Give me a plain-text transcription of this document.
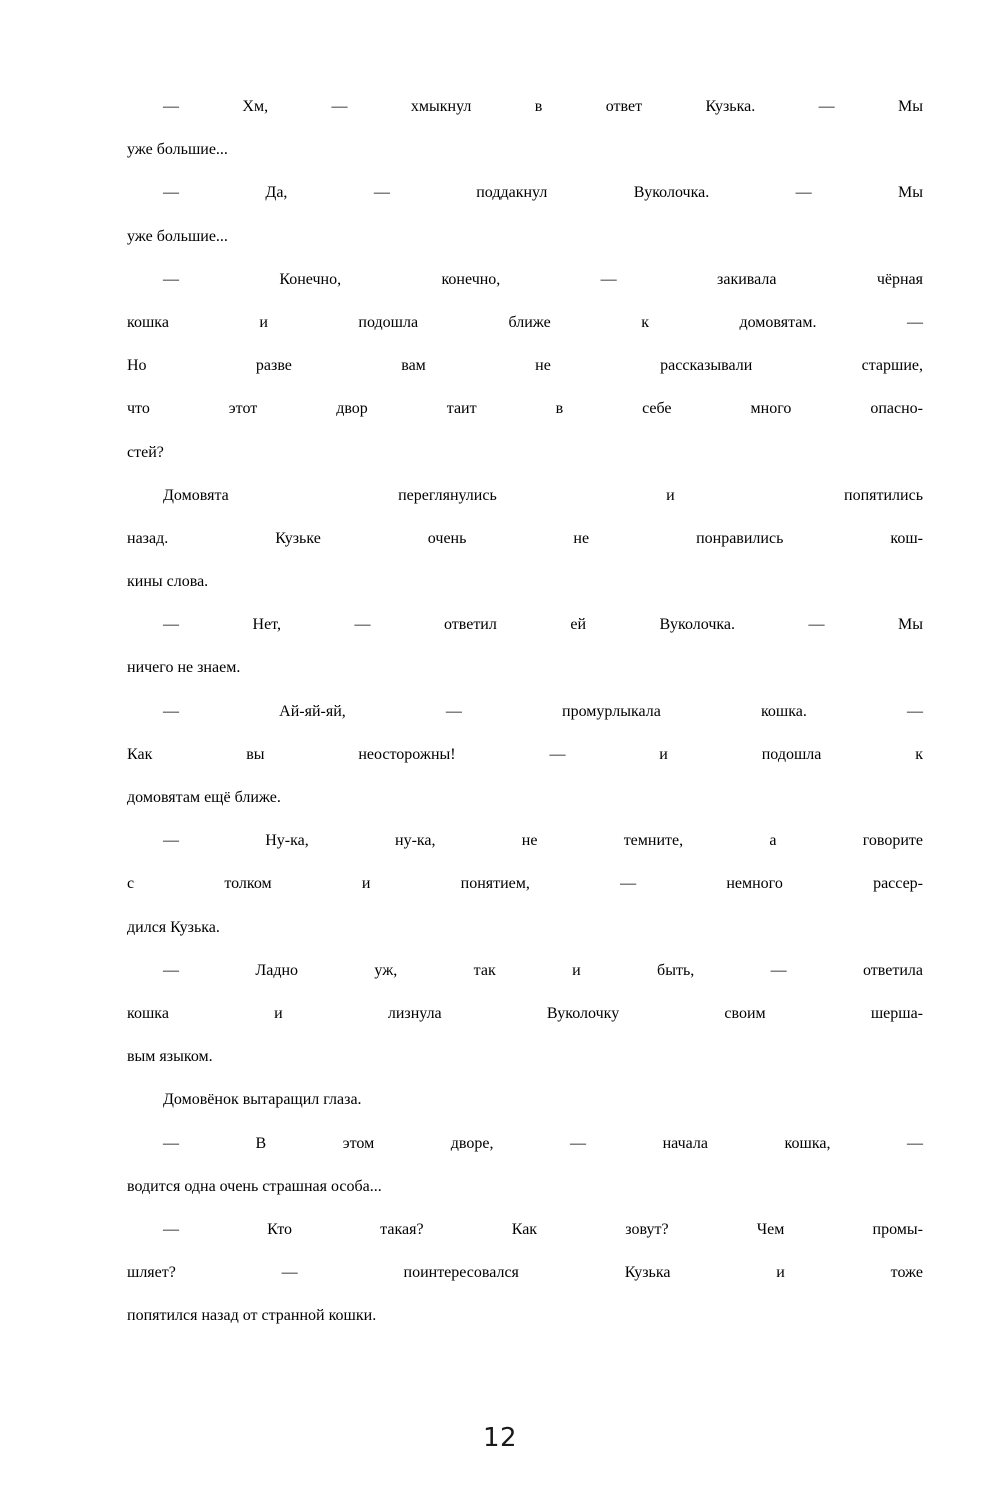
— Хм, — хмыкнул в ответ Кузька. — Мы
уже большие...
— Да, — поддакнул Вуколочка. — Мы
уже большие...
— Конечно, конечно, — закивала чёрная
кошка и подошла ближе к домовятам. —
Но разве вам не рассказывали старшие,
что этот двор таит в себе много опасно-
стей?
Домовята переглянулись и попятились
назад. Кузьке очень не понравились кош-
кины слова.
— Нет, — ответил ей Вуколочка. — Мы
ничего не знаем.
— Ай-яй-яй, — промурлыкала кошка. —
Как вы неосторожны! — и подошла к
домовятам ещё ближе.
— Ну-ка, ну-ка, не темните, а говорите
с толком и понятием, — немного рассер-
дился Кузька.
— Ладно уж, так и быть, — ответила
кошка и лизнула Вуколочку своим шерша-
вым языком.
Домовёнок вытаращил глаза.
— В этом дворе, — начала кошка, —
водится одна очень страшная особа...
— Кто такая? Как зовут? Чем промы-
шляет? — поинтересовался Кузька и тоже
попятился назад от странной кошки.
12
